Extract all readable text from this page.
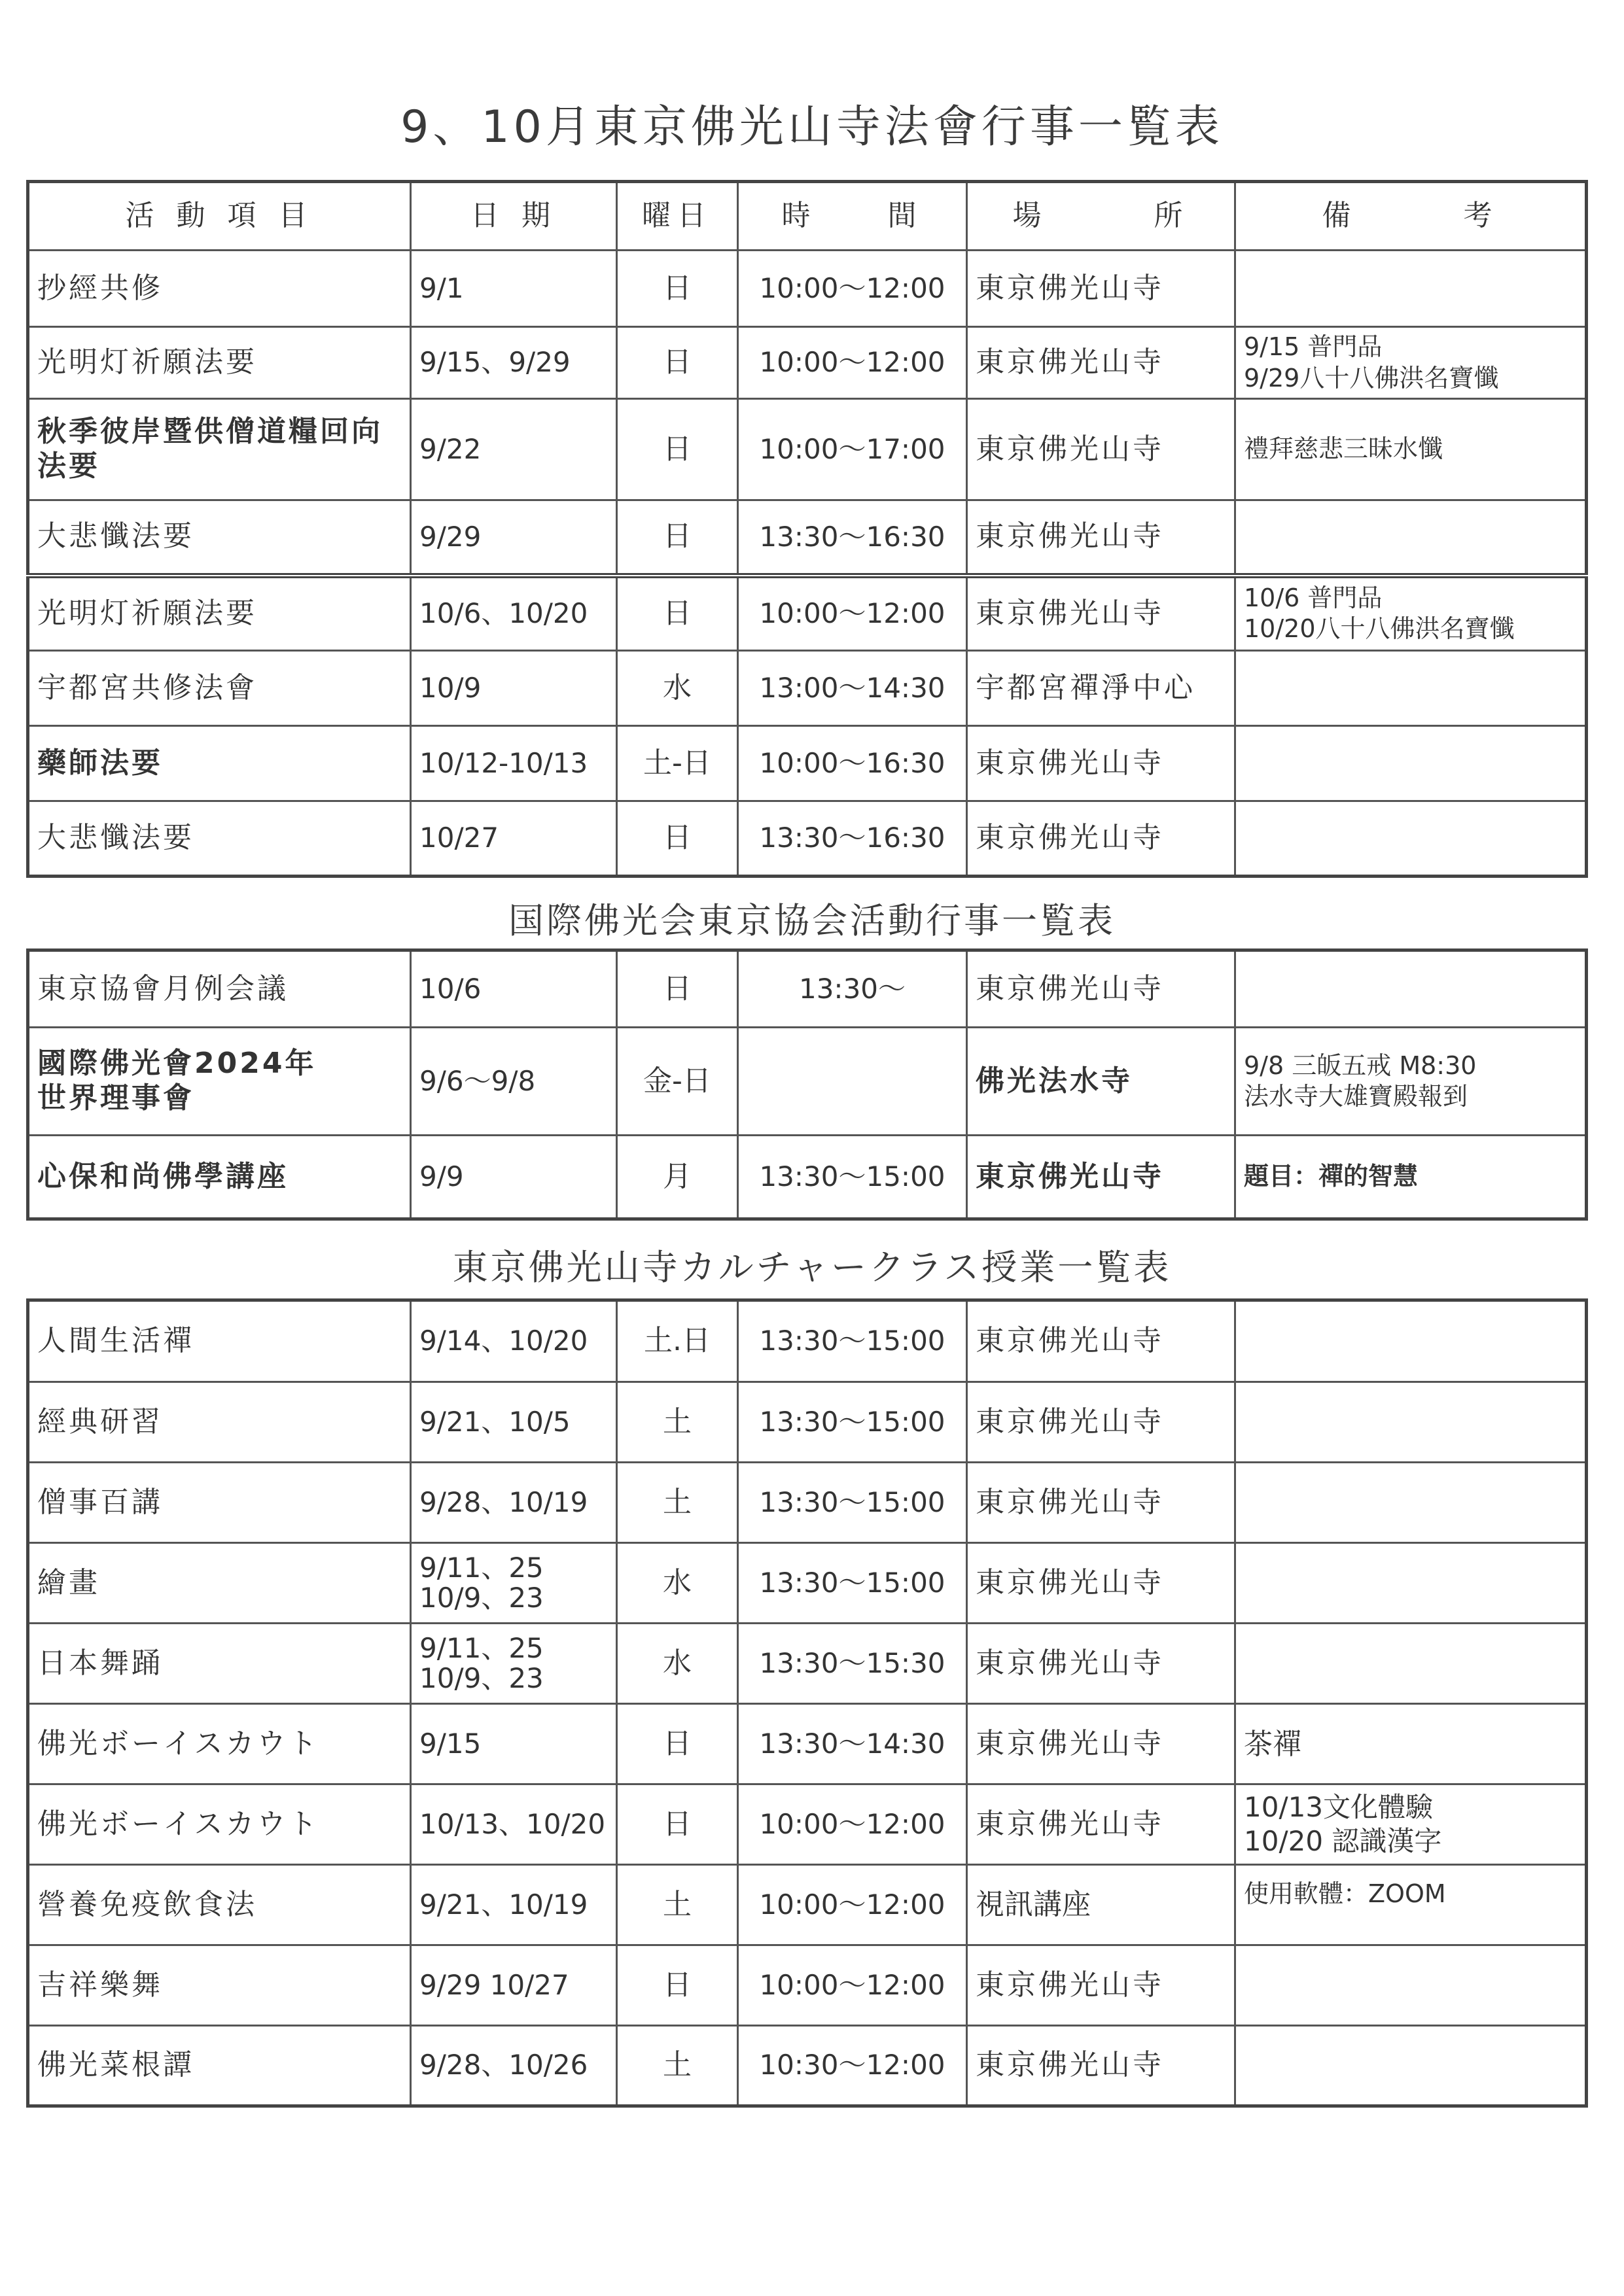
9、10月東京佛光山寺法會行事一覧表
活 動 項 目	日 期	曜日	時　　間	場　　　所	備　　　考
抄經共修	9/1	日	10:00～12:00	東京佛光山寺	
光明灯祈願法要	9/15、9/29	日	10:00～12:00	東京佛光山寺	9/15 普門品
9/29八十八佛洪名寶懺
秋季彼岸暨供僧道糧回向法要	9/22	日	10:00～17:00	東京佛光山寺	禮拜慈悲三昧水懺
大悲懺法要	9/29	日	13:30～16:30	東京佛光山寺	
光明灯祈願法要	10/6、10/20	日	10:00～12:00	東京佛光山寺	10/6 普門品
10/20八十八佛洪名寶懺
宇都宮共修法會	10/9	水	13:00～14:30	宇都宮禪淨中心	
藥師法要	10/12-10/13	土-日	10:00～16:30	東京佛光山寺	
大悲懺法要	10/27	日	13:30～16:30	東京佛光山寺	
国際佛光会東京協会活動行事一覧表
東京協會月例会議	10/6	日	13:30～	東京佛光山寺	
國際佛光會2024年
世界理事會	9/6～9/8	金-日		佛光法水寺	9/8 三皈五戒 M8:30
法水寺大雄寶殿報到
心保和尚佛學講座	9/9	月	13:30～15:00	東京佛光山寺	題目：禪的智慧
東京佛光山寺カルチャークラス授業一覧表
人間生活禪	9/14、10/20	土.日	13:30～15:00	東京佛光山寺	
經典研習	9/21、10/5	土	13:30～15:00	東京佛光山寺	
僧事百講	9/28、10/19	土	13:30～15:00	東京佛光山寺	
繪畫	9/11、25
10/9、23	水	13:30～15:00	東京佛光山寺	
日本舞踊	9/11、25
10/9、23	水	13:30～15:30	東京佛光山寺	
佛光ボーイスカウト	9/15	日	13:30～14:30	東京佛光山寺	茶禪
佛光ボーイスカウト	10/13、10/20	日	10:00～12:00	東京佛光山寺	10/13文化體驗
10/20 認識漢字
營養免疫飲食法	9/21、10/19	土	10:00～12:00	視訊講座	使用軟體：ZOOM
吉祥樂舞	9/29 10/27	日	10:00～12:00	東京佛光山寺	
佛光菜根譚	9/28、10/26	土	10:30～12:00	東京佛光山寺	
